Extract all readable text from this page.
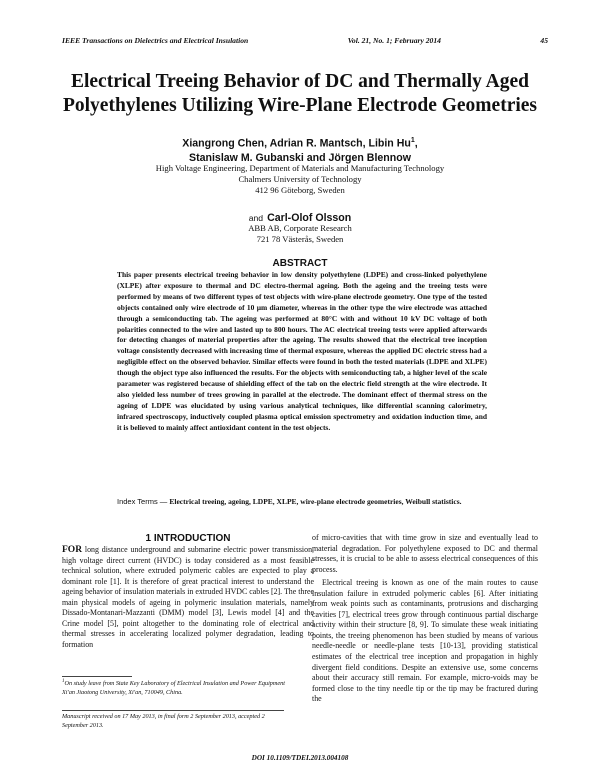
IEEE Transactions on Dielectrics and Electrical Insulation	Vol. 21, No. 1; February 2014	45
Electrical Treeing Behavior of DC and Thermally Aged
Polyethylenes Utilizing Wire-Plane Electrode Geometries
Xiangrong Chen, Adrian R. Mantsch, Libin Hu$^1$,
Stanislaw M. Gubanski and Jörgen Blennow
High Voltage Engineering, Department of Materials and Manufacturing Technology
Chalmers University of Technology
412 96 Göteborg, Sweden
and Carl-Olof Olsson
ABB AB, Corporate Research
721 78 Västerås, Sweden
ABSTRACT
This paper presents electrical treeing behavior in low density polyethylene (LDPE) and cross-linked polyethylene (XLPE) after exposure to thermal and DC electro-thermal ageing. Both the ageing and the treeing tests were performed by means of two different types of test objects with wire-plane electrode geometry. One type of the tested objects contained only wire electrode of 10 µm diameter, whereas in the other type the wire electrode was attached through a semiconducting tab. The ageing was performed at 80°C with and without 10 kV DC voltage of both polarities connected to the wire and lasted up to 800 hours. The AC electrical treeing tests were applied afterwards for detecting changes of material properties after the ageing. The results showed that the electrical tree inception voltage consistently decreased with increasing time of thermal exposure, whereas the applied DC electric stress had a negligible effect on the observed behavior. Similar effects were found in both the tested materials (LDPE and XLPE) though the object type also influenced the results. For the objects with semiconducting tab, a higher level of the scale parameter was registered because of shielding effect of the tab on the electric field strength at the wire electrode. It also yielded less number of trees growing in parallel at the electrode. The dominant effect of thermal stress on the ageing of LDPE was elucidated by using various analytical techniques, like differential scanning calorimetry, infrared spectroscopy, inductively coupled plasma optical emission spectrometry and oxidation induction time, and it is believed to mainly affect antioxidant content in the test objects.
Index Terms — Electrical treeing, ageing, LDPE, XLPE, wire-plane electrode geometries, Weibull statistics.
1 INTRODUCTION
FOR long distance underground and submarine electric power transmission, high voltage direct current (HVDC) is today considered as a most feasible technical solution, where extruded polymeric cables are expected to play a dominant role [1]. It is therefore of great practical interest to understand the ageing behavior of insulation materials in extruded HVDC cables [2]. The three main physical models of ageing in polymeric insulation materials, namely Dissado-Montanari-Mazzanti (DMM) model [3], Lewis model [4] and the Crine model [5], point altogether to the dominating role of electrical and thermal stresses in accelerating localized polymer degradation, leading to formation

of micro-cavities that with time grow in size and eventually lead to material degradation. For polyethylene exposed to DC and thermal stresses, it is crucial to be able to assess electrical consequences of this process.

Electrical treeing is known as one of the main routes to cause insulation failure in extruded polymeric cables [6]. After initiating from weak points such as contaminants, protrusions and discharging cavities [7], electrical trees grow through continuous partial discharge activity within their structure [8, 9]. To simulate these weak initiating points, the treeing phenomenon has been studied by means of various needle-needle or needle-plane tests [10-13], providing statistical estimates of the electrical tree inception and propagation in highly divergent field conditions. Despite an extensive use, some concerns about their accuracy still remain. For example, micro-voids may be formed close to the tiny needle tip or the tip may be fractured during the

$^1$On study leave from State Key Laboratory of Electrical Insulation and Power Equipment Xi'an Jiaotong University, Xi'an, 710049, China.
Manuscript received on 17 May 2013, in final form 2 September 2013, accepted 2 September 2013.
DOI 10.1109/TDEI.2013.004108
